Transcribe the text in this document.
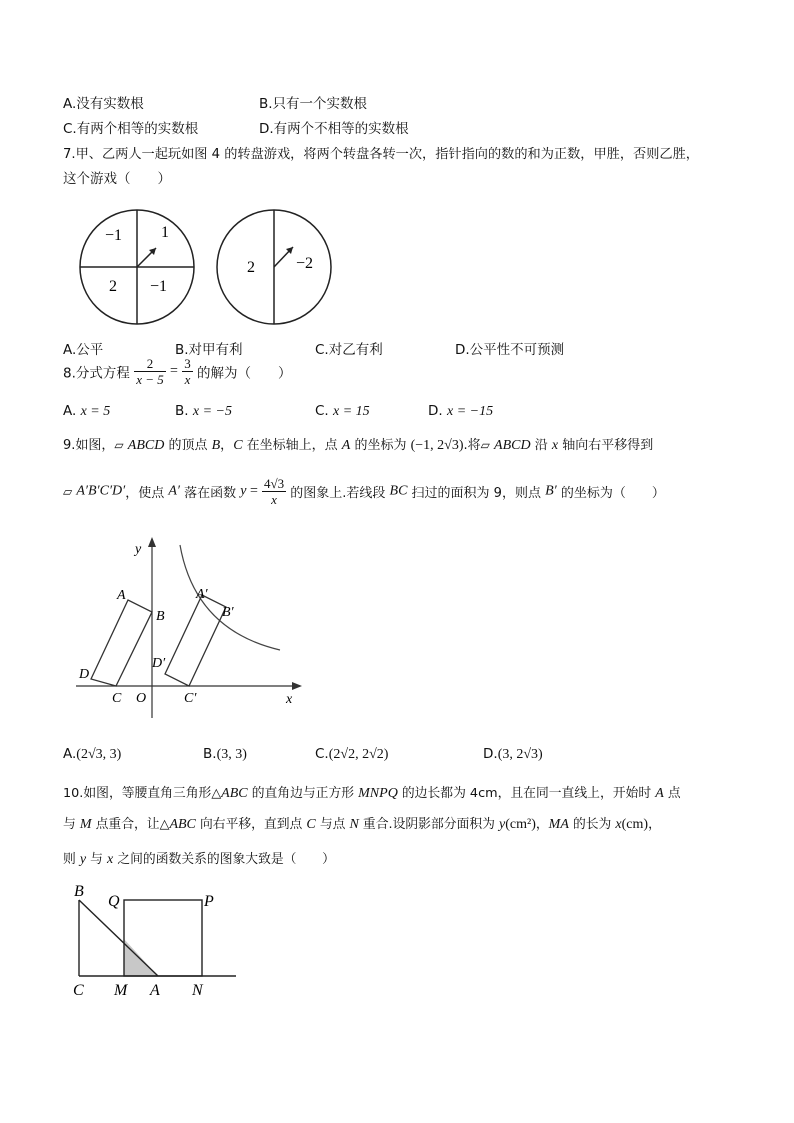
A.没有实数根	B.只有一个实数根
C.有两个相等的实数根	D.有两个不相等的实数根
7.甲、乙两人一起玩如图 4 的转盘游戏，将两个转盘各转一次，指针指向的数的和为正数，甲胜，否则乙胜，
这个游戏（　　）
−1 1
2 −1
2	−2
A.公平	B.对甲有利	C.对乙有利	D.公平性不可预测
8.分式方程 $\frac{2}{x - 5} = \frac{3}{x}$ 的解为（　　）
A. x = 5	B. x = −5	C. x = 15	D. x = −15
9.如图，▱ ABCD 的顶点 B，C 在坐标轴上，点 A 的坐标为 (−1, 2√3).将▱ ABCD 沿 x 轴向右平移得到
▱ A′B′C′D′，使点 A′ 落在函数 $y = \frac{4√3}{x}$ 的图象上.若线段 BC 扫过的面积为 9，则点 B′ 的坐标为（　　）
y
x
A
B
D
C O
A′
B′
D′
C′
A.(2√3, 3)	B.(3, 3)	C.(2√2, 2√2)	D.(3, 2√3)
10.如图，等腰直角三角形△ABC 的直角边与正方形 MNPQ 的边长都为 4cm，且在同一直线上，开始时 A 点
与 M 点重合，让△ABC 向右平移，直到点 C 与点 N 重合.设阴影部分面积为 y(cm²)，MA 的长为 x(cm)，
则 y 与 x 之间的函数关系的图象大致是（　　）
B
Q	P
C M A N
